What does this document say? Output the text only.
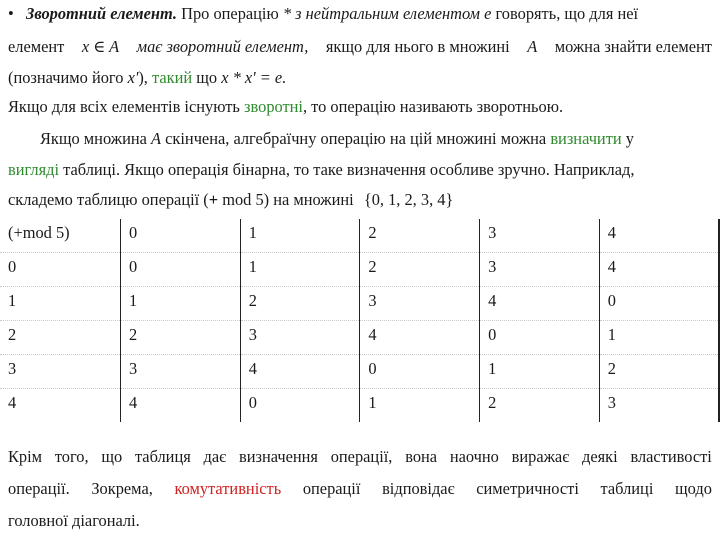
• Зворотний елемент. Про операцію * з нейтральним елементом е говорять, що для неї
елемент x ∈ A має зворотний елемент, якщо для нього в множині A можна знайти елемент
(позначимо його x'), такий що x * x' = e.
Якщо для всіх елементів існують зворотні, то операцію називають зворотньою.
Якщо множина A скінчена, алгебраїчну операцію на цій множині можна визначити у
вигляді таблиці. Якщо операція бінарна, то таке визначення особливе зручно. Наприклад,
складемо таблицю операції (+ mod 5) на множині {0, 1, 2, 3, 4}
(+mod 5)	0	1	2	3	4
0	0	1	2	3	4
1	1	2	3	4	0
2	2	3	4	0	1
3	3	4	0	1	2
4	4	0	1	2	3
Крім того, що таблиця дає визначення операції, вона наочно виражає деякі властивості
операції. Зокрема, комутативність операції відповідає симетричності таблиці щодо
головної діагоналі.
